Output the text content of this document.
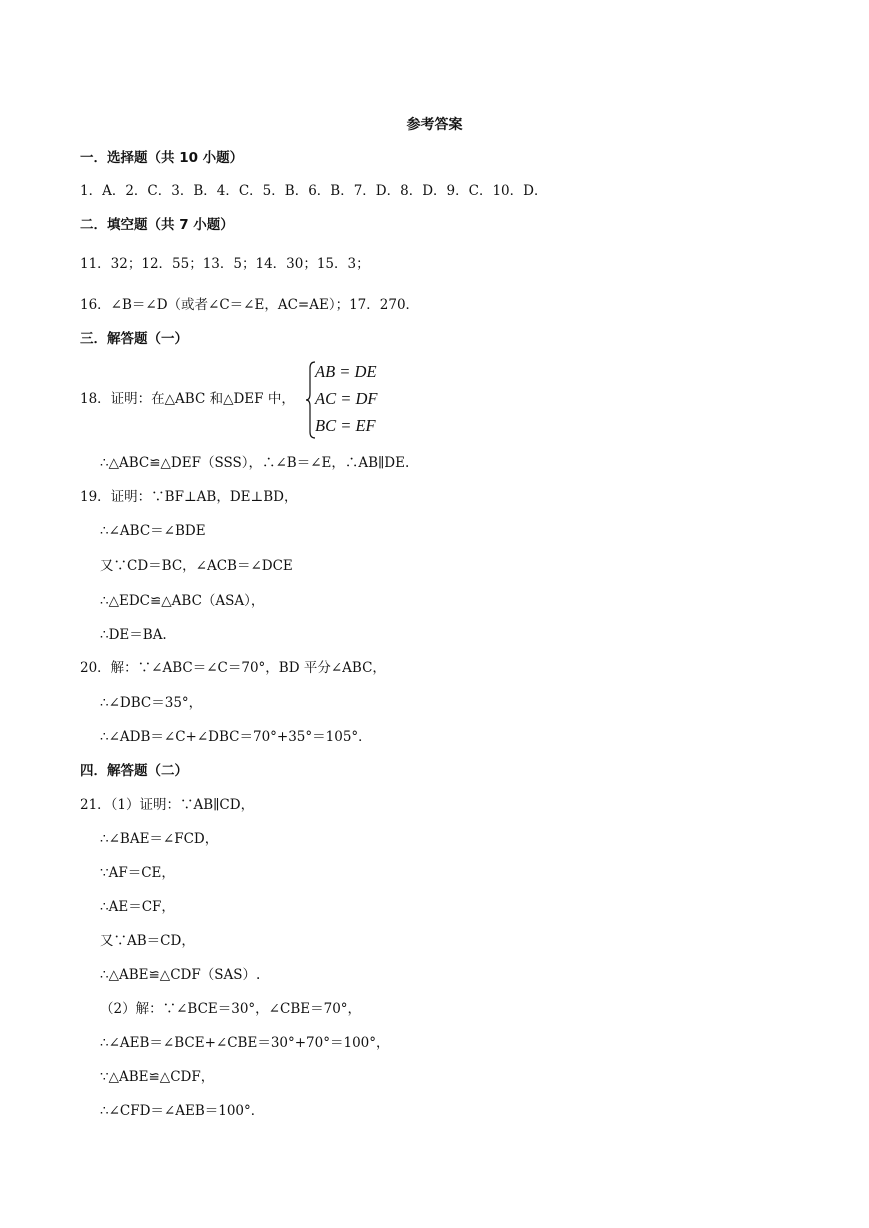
参考答案
一．选择题（共 10 小题）
1．A．2．C．3．B．4．C．5．B．6．B．7．D．8．D．9．C．10．D．
二．填空题（共 7 小题）
11．32；12．55；13．5；14．30；15．3；
16．∠B＝∠D（或者∠C＝∠E，AC=AE）；17．270．
三．解答题（一）
18．证明：在△ABC 和△DEF 中，
AB = DE
AC = DF
BC = EF
∴△ABC≌△DEF（SSS），∴∠B＝∠E，∴AB∥DE.
19．证明：∵BF⊥AB，DE⊥BD，
∴∠ABC＝∠BDE
又∵CD＝BC，∠ACB＝∠DCE
∴△EDC≌△ABC（ASA），
∴DE＝BA.
20．解：∵∠ABC＝∠C＝70°，BD 平分∠ABC，
∴∠DBC＝35°，
∴∠ADB＝∠C+∠DBC＝70°+35°＝105°．
四．解答题（二）
21．（1）证明：∵AB∥CD，
∴∠BAE＝∠FCD，
∵AF＝CE，
∴AE＝CF，
又∵AB＝CD，
∴△ABE≌△CDF（SAS）.
（2）解：∵∠BCE＝30°，∠CBE＝70°，
∴∠AEB＝∠BCE+∠CBE＝30°+70°＝100°，
∵△ABE≌△CDF，
∴∠CFD＝∠AEB＝100°．
